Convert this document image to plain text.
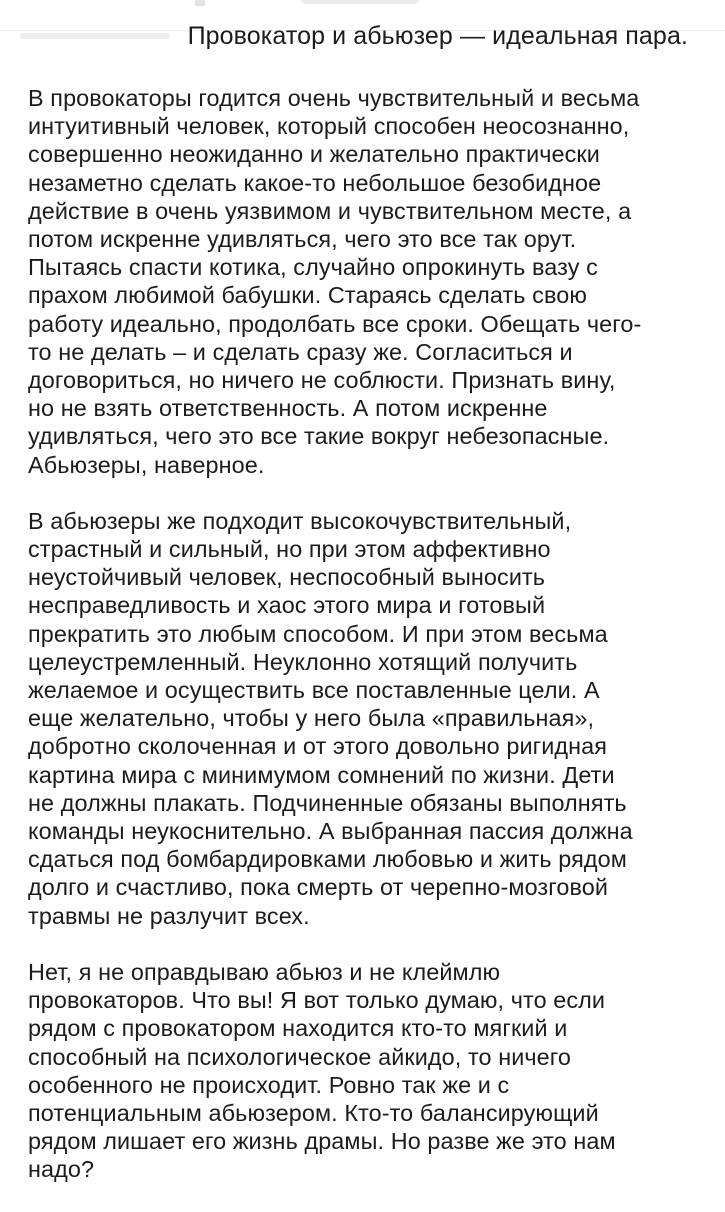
Провокатор и абьюзер — идеальная пара.

В провокаторы годится очень чувствительный и весьма
интуитивный человек, который способен неосознанно,
совершенно неожиданно и желательно практически
незаметно сделать какое-то небольшое безобидное
действие в очень уязвимом и чувствительном месте, а
потом искренне удивляться, чего это все так орут.
Пытаясь спасти котика, случайно опрокинуть вазу с
прахом любимой бабушки. Стараясь сделать свою
работу идеально, продолбать все сроки. Обещать чего-
то не делать – и сделать сразу же. Согласиться и
договориться, но ничего не соблюсти. Признать вину,
но не взять ответственность. А потом искренне
удивляться, чего это все такие вокруг небезопасные.
Абьюзеры, наверное.

В абьюзеры же подходит высокочувствительный,
страстный и сильный, но при этом аффективно
неустойчивый человек, неспособный выносить
несправедливость и хаос этого мира и готовый
прекратить это любым способом. И при этом весьма
целеустремленный. Неуклонно хотящий получить
желаемое и осуществить все поставленные цели. А
еще желательно, чтобы у него была «правильная»,
добротно сколоченная и от этого довольно ригидная
картина мира с минимумом сомнений по жизни. Дети
не должны плакать. Подчиненные обязаны выполнять
команды неукоснительно. А выбранная пассия должна
сдаться под бомбардировками любовью и жить рядом
долго и счастливо, пока смерть от черепно-мозговой
травмы не разлучит всех.

Нет, я не оправдываю абьюз и не клеймлю
провокаторов. Что вы! Я вот только думаю, что если
рядом с провокатором находится кто-то мягкий и
способный на психологическое айкидо, то ничего
особенного не происходит. Ровно так же и с
потенциальным абьюзером. Кто-то балансирующий
рядом лишает его жизнь драмы. Но разве же это нам
надо?
